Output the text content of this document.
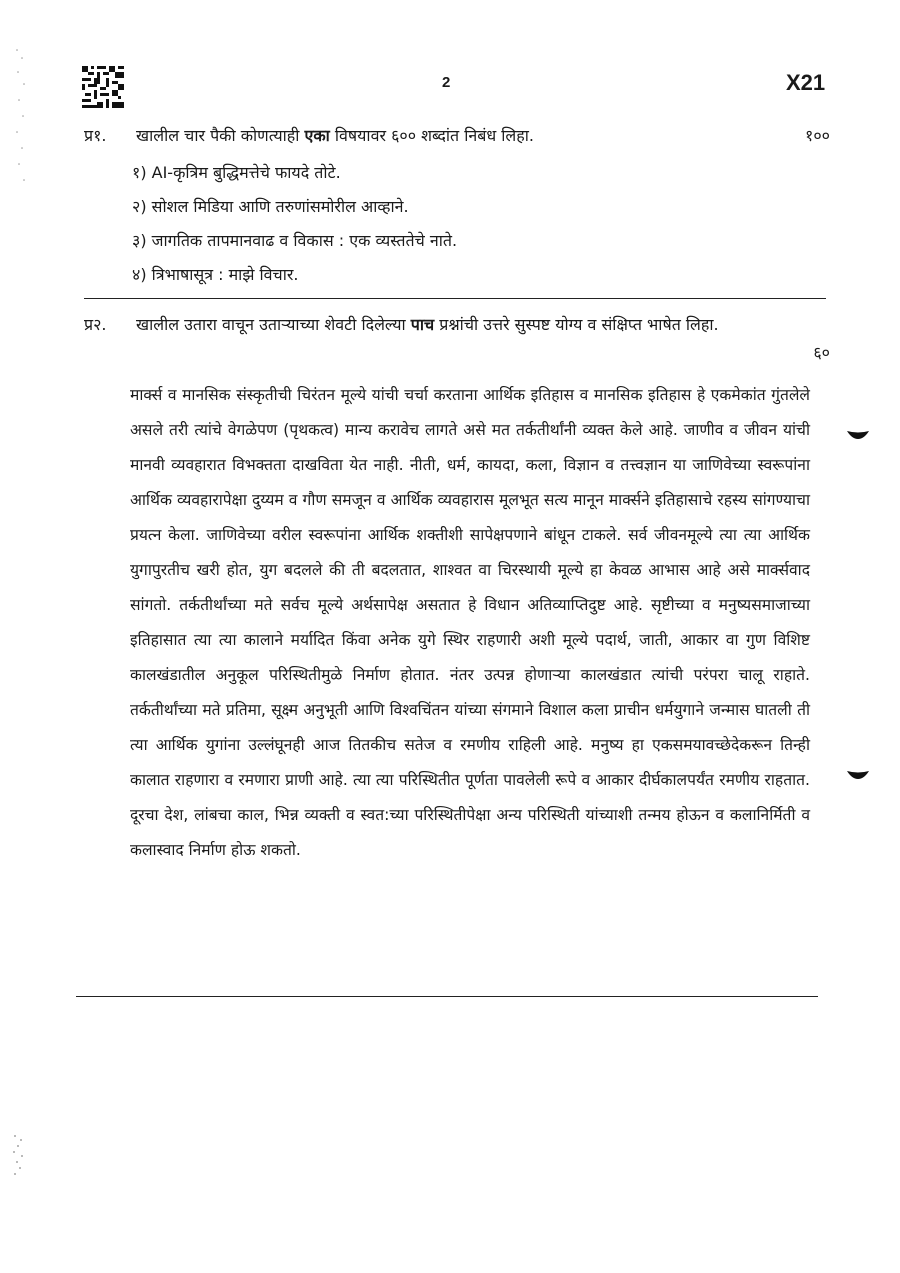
2	X21
प्र१. खालील चार पैकी कोणत्याही एका विषयावर ६०० शब्दांत निबंध लिहा.	१००
१) AI-कृत्रिम बुद्धिमत्तेचे फायदे तोटे.
२) सोशल मिडिया आणि तरुणांसमोरील आव्हाने.
३) जागतिक तापमानवाढ व विकास : एक व्यस्ततेचे नाते.
४) त्रिभाषासूत्र : माझे विचार.
प्र२. खालील उतारा वाचून उताऱ्याच्या शेवटी दिलेल्या पाच प्रश्नांची उत्तरे सुस्पष्ट योग्य व संक्षिप्त भाषेत लिहा.
६०

मार्क्स व मानसिक संस्कृतीची चिरंतन मूल्ये यांची चर्चा करताना आर्थिक इतिहास व मानसिक इतिहास हे एकमेकांत गुंतलेले असले तरी त्यांचे वेगळेपण (पृथकत्व) मान्य करावेच लागते असे मत तर्कतीर्थांनी व्यक्त केले आहे. जाणीव व जीवन यांची मानवी व्यवहारात विभक्तता दाखविता येत नाही. नीती, धर्म, कायदा, कला, विज्ञान व तत्त्वज्ञान या जाणिवेच्या स्वरूपांना आर्थिक व्यवहारापेक्षा दुय्यम व गौण समजून व आर्थिक व्यवहारास मूलभूत सत्य मानून मार्क्सने इतिहासाचे रहस्य सांगण्याचा प्रयत्न केला. जाणिवेच्या वरील स्वरूपांना आर्थिक शक्तीशी सापेक्षपणाने बांधून टाकले. सर्व जीवनमूल्ये त्या त्या आर्थिक युगापुरतीच खरी होत, युग बदलले की ती बदलतात, शाश्वत वा चिरस्थायी मूल्ये हा केवळ आभास आहे असे मार्क्सवाद सांगतो. तर्कतीर्थांच्या मते सर्वच मूल्ये अर्थसापेक्ष असतात हे विधान अतिव्याप्तिदुष्ट आहे. सृष्टीच्या व मनुष्यसमाजाच्या इतिहासात त्या त्या कालाने मर्यादित किंवा अनेक युगे स्थिर राहणारी अशी मूल्ये पदार्थ, जाती, आकार वा गुण विशिष्ट कालखंडातील अनुकूल परिस्थितीमुळे निर्माण होतात. नंतर उत्पन्न होणाऱ्या कालखंडात त्यांची परंपरा चालू राहाते. तर्कतीर्थांच्या मते प्रतिमा, सूक्ष्म अनुभूती आणि विश्वचिंतन यांच्या संगमाने विशाल कला प्राचीन धर्मयुगाने जन्मास घातली ती त्या आर्थिक युगांना उल्लंघूनही आज तितकीच सतेज व रमणीय राहिली आहे. मनुष्य हा एकसमयावच्छेदेकरून तिन्ही कालात राहणारा व रमणारा प्राणी आहे. त्या त्या परिस्थितीत पूर्णता पावलेली रूपे व आकार दीर्घकालपर्यंत रमणीय राहतात. दूरचा देश, लांबचा काल, भिन्न व्यक्ती व स्वत:च्या परिस्थितीपेक्षा अन्य परिस्थिती यांच्याशी तन्मय होऊन व कलानिर्मिती व कलास्वाद निर्माण होऊ शकतो.
